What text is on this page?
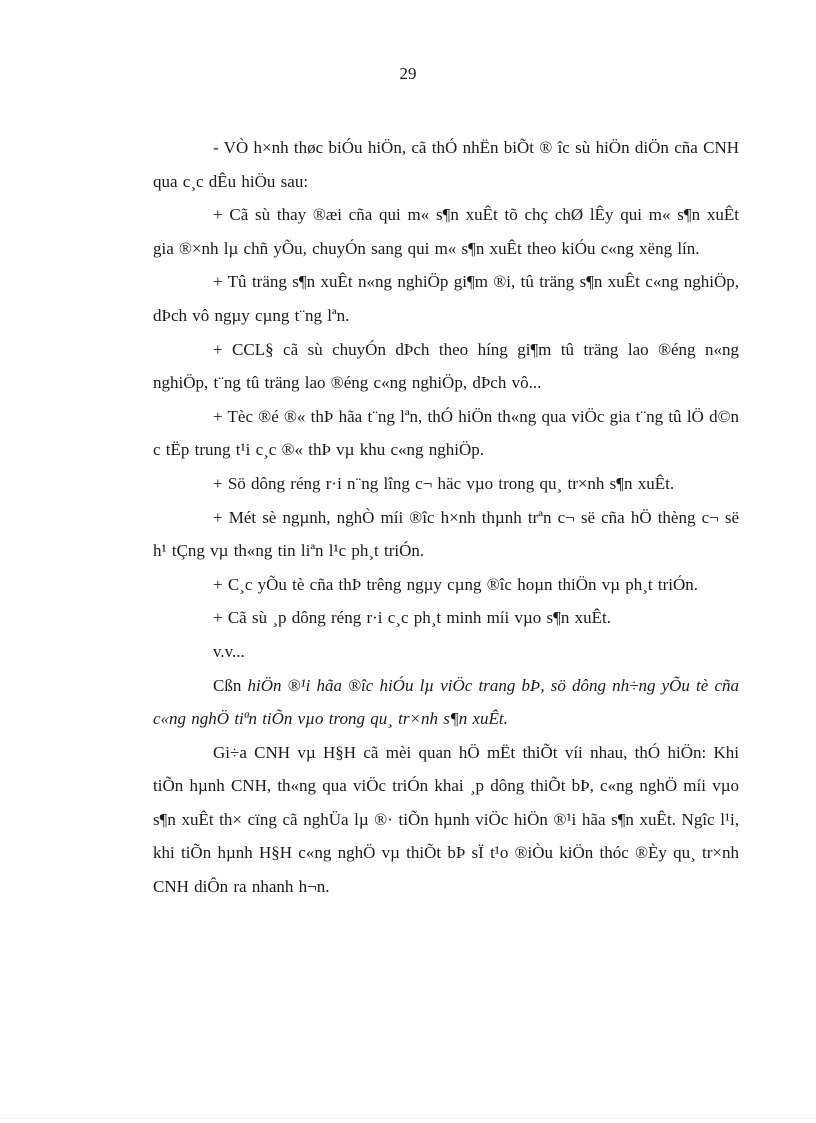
29

- VÒ h×nh thøc biÓu hiÖn, cã thÓ nhËn biÕt ® îc sù hiÖn diÖn cña CNH qua c¸c dÊu hiÖu sau:

+ Cã sù thay ®æi cña qui m« s¶n xuÊt tõ chç chØ lÊy qui m« s¶n xuÊt gia ®×nh lµ chñ yÕu, chuyÓn sang qui m« s¶n xuÊt theo kiÓu c«ng xëng lín.

+ Tû träng s¶n xuÊt n«ng nghiÖp gi¶m ®i, tû träng s¶n xuÊt c«ng nghiÖp, dÞch vô ngµy cµng t¨ng lªn.

+ CCL§ cã sù chuyÓn dÞch theo híng gi¶m tû träng lao ®éng n«ng nghiÖp, t¨ng tû träng lao ®éng c«ng nghiÖp, dÞch vô...

+ Tèc ®é ®« thÞ hãa t¨ng lªn, thÓ hiÖn th«ng qua viÖc gia t¨ng tû lÖ d©n c tËp trung t¹i c¸c ®« thÞ vµ khu c«ng nghiÖp.

+ Sö dông réng r·i n¨ng lîng c¬ häc vµo trong qu¸ tr×nh s¶n xuÊt.

+ Mét sè ngµnh, nghÒ míi ®îc h×nh thµnh trªn c¬ së cña hÖ thèng c¬ së h¹ tÇng vµ th«ng tin liªn l¹c ph¸t triÓn.

+ C¸c yÕu tè cña thÞ trêng ngµy cµng ®îc hoµn thiÖn vµ ph¸t triÓn.

+ Cã sù ¸p dông réng r·i c¸c ph¸t minh míi vµo s¶n xuÊt.

v.v...

Cßn hiÖn ®¹i hãa ®îc hiÓu lµ viÖc trang bÞ, sö dông nh÷ng yÕu tè cña c«ng nghÖ tiªn tiÕn vµo trong qu¸ tr×nh s¶n xuÊt.

Gi÷a CNH vµ H§H cã mèi quan hÖ mËt thiÕt víi nhau, thÓ hiÖn: Khi tiÕn hµnh CNH, th«ng qua viÖc triÓn khai ¸p dông thiÕt bÞ, c«ng nghÖ míi vµo s¶n xuÊt th× cïng cã nghÜa lµ ®· tiÕn hµnh viÖc hiÖn ®¹i hãa s¶n xuÊt. Ngîc l¹i, khi tiÕn hµnh H§H c«ng nghÖ vµ thiÕt bÞ sÏ t¹o ®iÒu kiÖn thóc ®Èy qu¸ tr×nh CNH diÔn ra nhanh h¬n.
